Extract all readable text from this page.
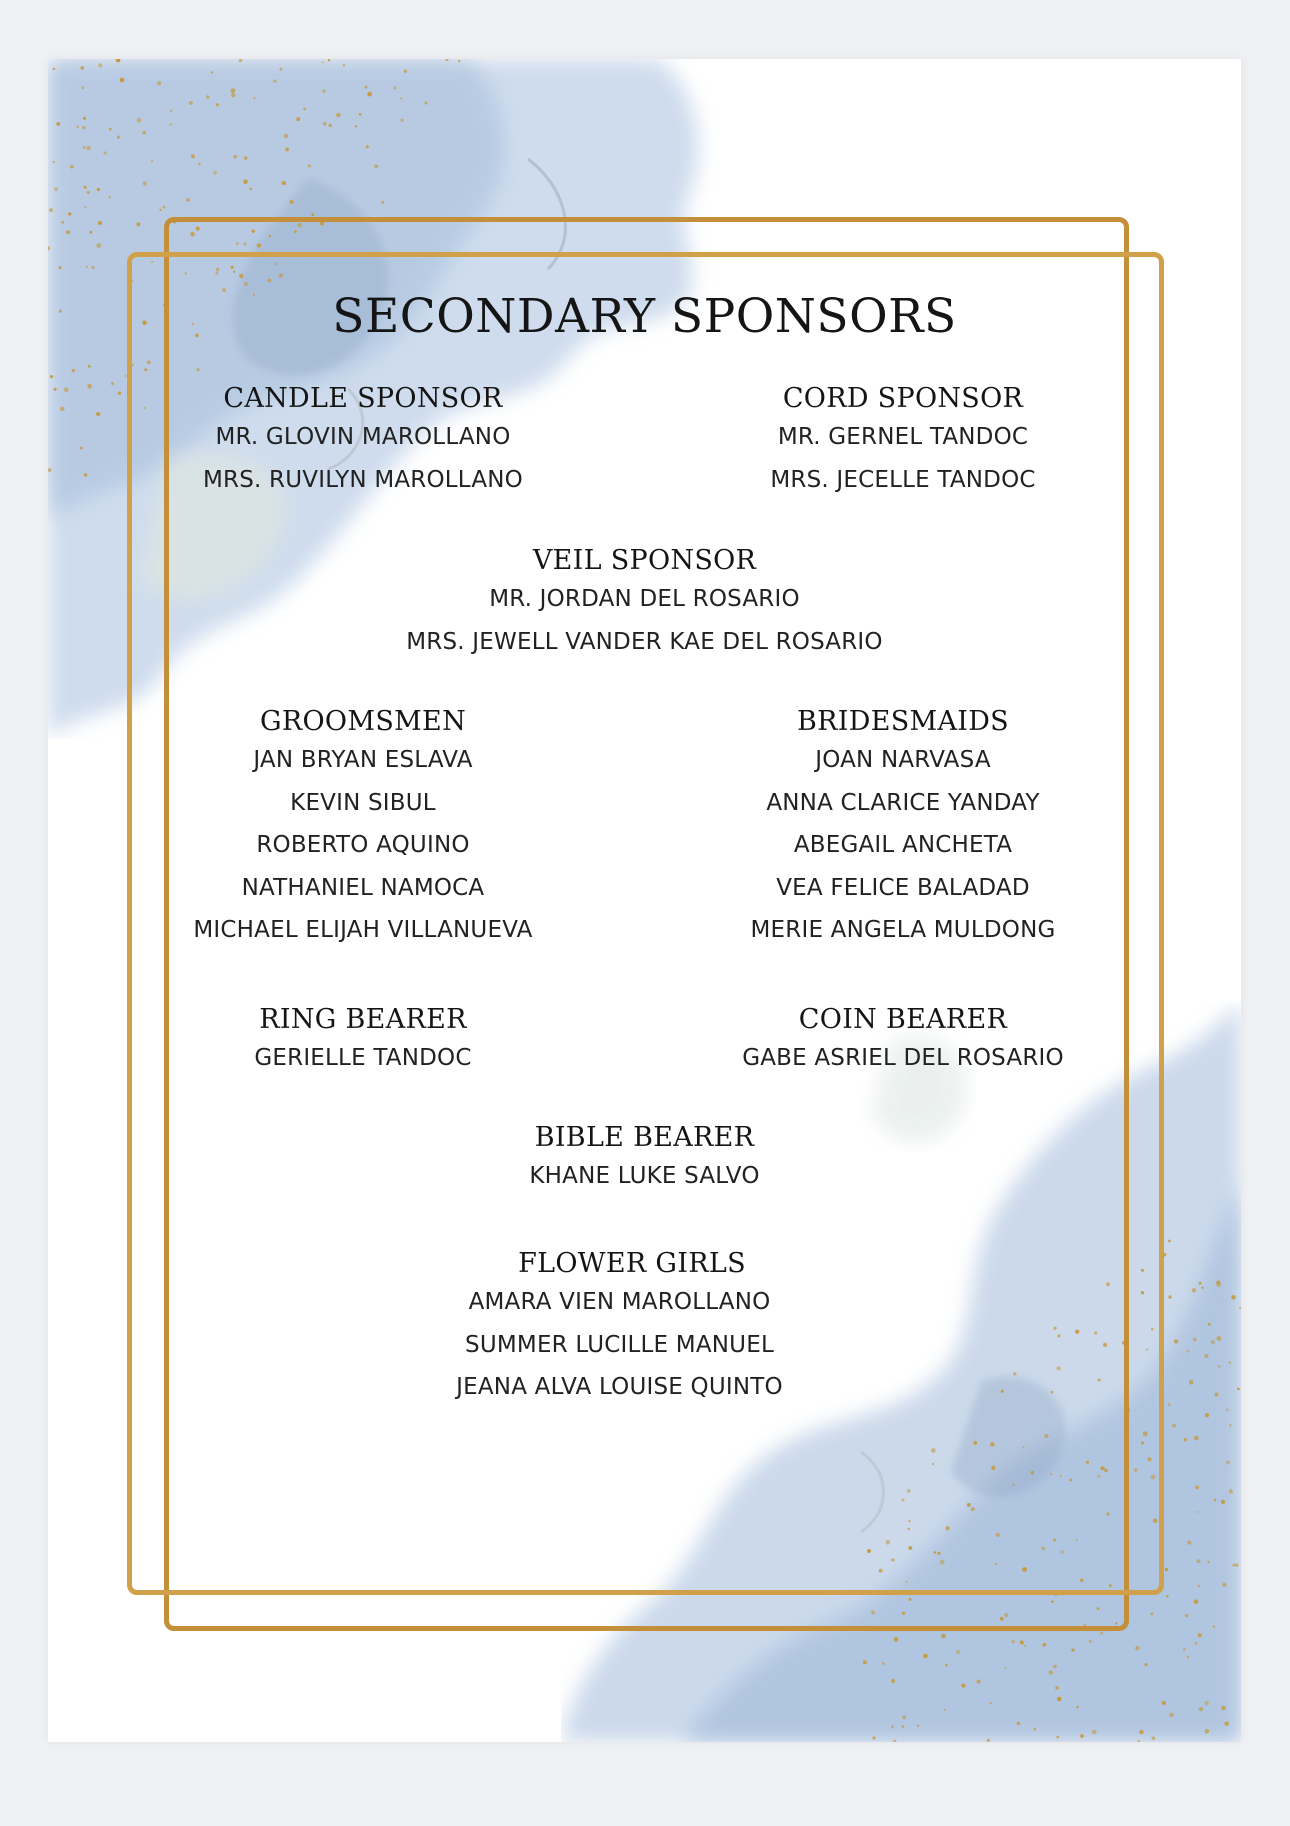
SECONDARY SPONSORS
CANDLE SPONSOR
MR. GLOVIN MAROLLANO
MRS. RUVILYN MAROLLANO
CORD SPONSOR
MR. GERNEL TANDOC
MRS. JECELLE TANDOC
VEIL SPONSOR
MR. JORDAN DEL ROSARIO
MRS. JEWELL VANDER KAE DEL ROSARIO
GROOMSMEN
JAN BRYAN ESLAVA
KEVIN SIBUL
ROBERTO AQUINO
NATHANIEL NAMOCA
MICHAEL ELIJAH VILLANUEVA
BRIDESMAIDS
JOAN NARVASA
ANNA CLARICE YANDAY
ABEGAIL ANCHETA
VEA FELICE BALADAD
MERIE ANGELA MULDONG
RING BEARER
GERIELLE TANDOC
COIN BEARER
GABE ASRIEL DEL ROSARIO
BIBLE BEARER
KHANE LUKE SALVO
FLOWER GIRLS
AMARA VIEN MAROLLANO
SUMMER LUCILLE MANUEL
JEANA ALVA LOUISE QUINTO
